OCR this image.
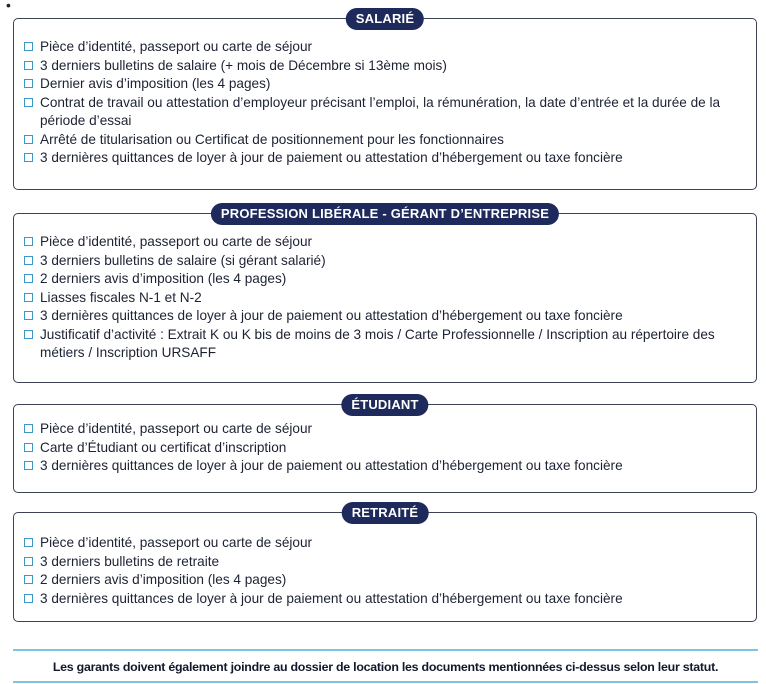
•
SALARIÉ
Pièce d’identité, passeport ou carte de séjour
3 derniers bulletins de salaire (+ mois de Décembre si 13ème mois)
Dernier avis d’imposition (les 4 pages)
Contrat de travail ou attestation d’employeur précisant l’emploi, la rémunération, la date d’entrée et la durée de la période d’essai
Arrêté de titularisation ou Certificat de positionnement pour les fonctionnaires
3 dernières quittances de loyer à jour de paiement ou attestation d’hébergement ou taxe foncière
PROFESSION LIBÉRALE - GÉRANT D’ENTREPRISE
Pièce d’identité, passeport ou carte de séjour
3 derniers bulletins de salaire (si gérant salarié)
2 derniers avis d’imposition (les 4 pages)
Liasses fiscales N-1 et N-2
3 dernières quittances de loyer à jour de paiement ou attestation d’hébergement ou taxe foncière
Justificatif d’activité : Extrait K ou K bis de moins de 3 mois / Carte Professionnelle / Inscription au répertoire des métiers / Inscription URSAFF
ÉTUDIANT
Pièce d’identité, passeport ou carte de séjour
Carte d’Étudiant ou certificat d’inscription
3 dernières quittances de loyer à jour de paiement ou attestation d’hébergement ou taxe foncière
RETRAITÉ
Pièce d’identité, passeport ou carte de séjour
3 derniers bulletins de retraite
2 derniers avis d’imposition (les 4 pages)
3 dernières quittances de loyer à jour de paiement ou attestation d’hébergement ou taxe foncière
Les garants doivent également joindre au dossier de location les documents mentionnées ci-dessus selon leur statut.
